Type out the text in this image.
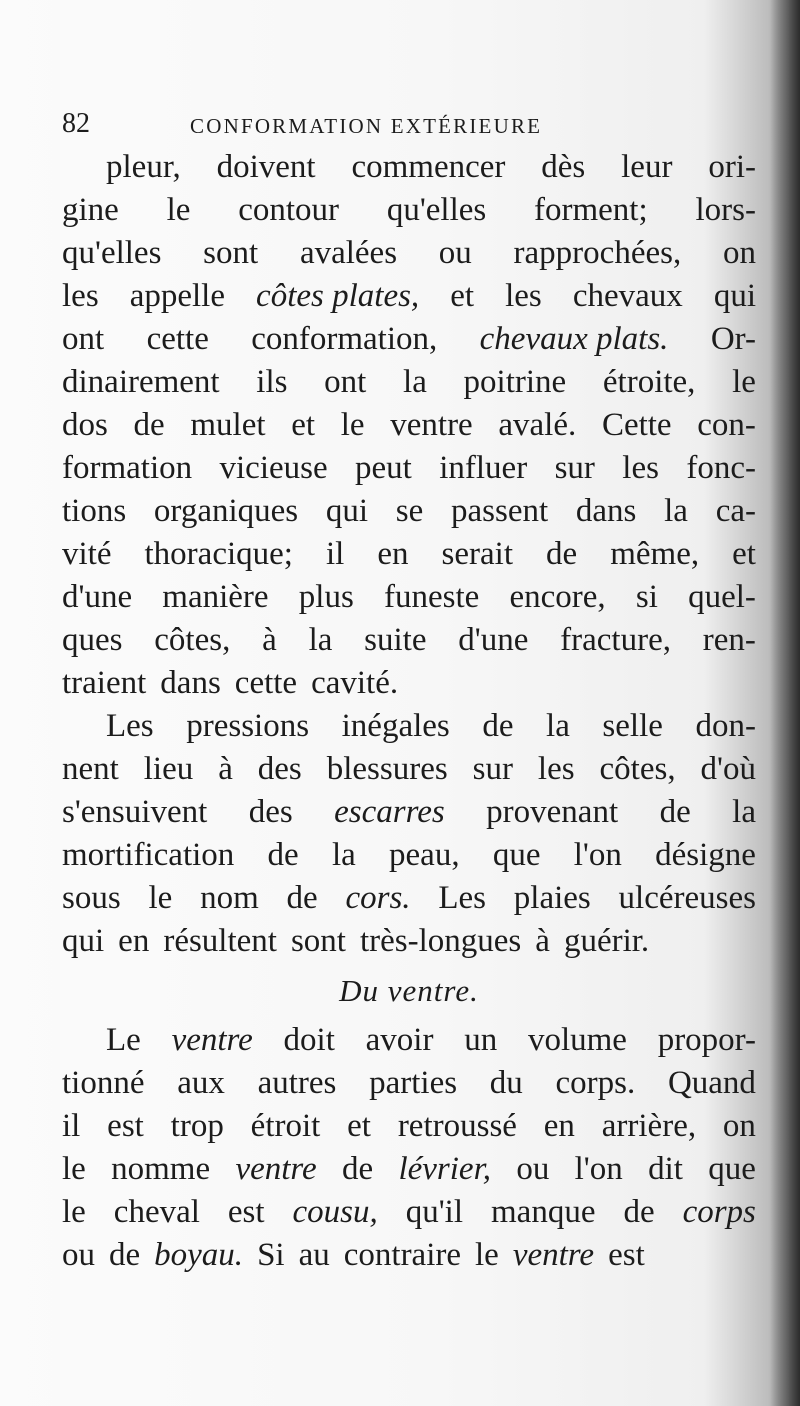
82	CONFORMATION EXTÉRIEURE
pleur, doivent commencer dès leur ori-
gine le contour qu'elles forment; lors-
qu'elles sont avalées ou rapprochées, on
les appelle côtes plates, et les chevaux qui
ont cette conformation, chevaux plats. Or-
dinairement ils ont la poitrine étroite, le
dos de mulet et le ventre avalé. Cette con-
formation vicieuse peut influer sur les fonc-
tions organiques qui se passent dans la ca-
vité thoracique; il en serait de même, et
d'une manière plus funeste encore, si quel-
ques côtes, à la suite d'une fracture, ren-
traient dans cette cavité.
Les pressions inégales de la selle don-
nent lieu à des blessures sur les côtes, d'où
s'ensuivent des escarres provenant de la
mortification de la peau, que l'on désigne
sous le nom de cors. Les plaies ulcéreuses
qui en résultent sont très-longues à guérir.
Du ventre.
Le ventre doit avoir un volume propor-
tionné aux autres parties du corps. Quand
il est trop étroit et retroussé en arrière, on
le nomme ventre de lévrier, ou l'on dit que
le cheval est cousu, qu'il manque de corps
ou de boyau. Si au contraire le ventre est
